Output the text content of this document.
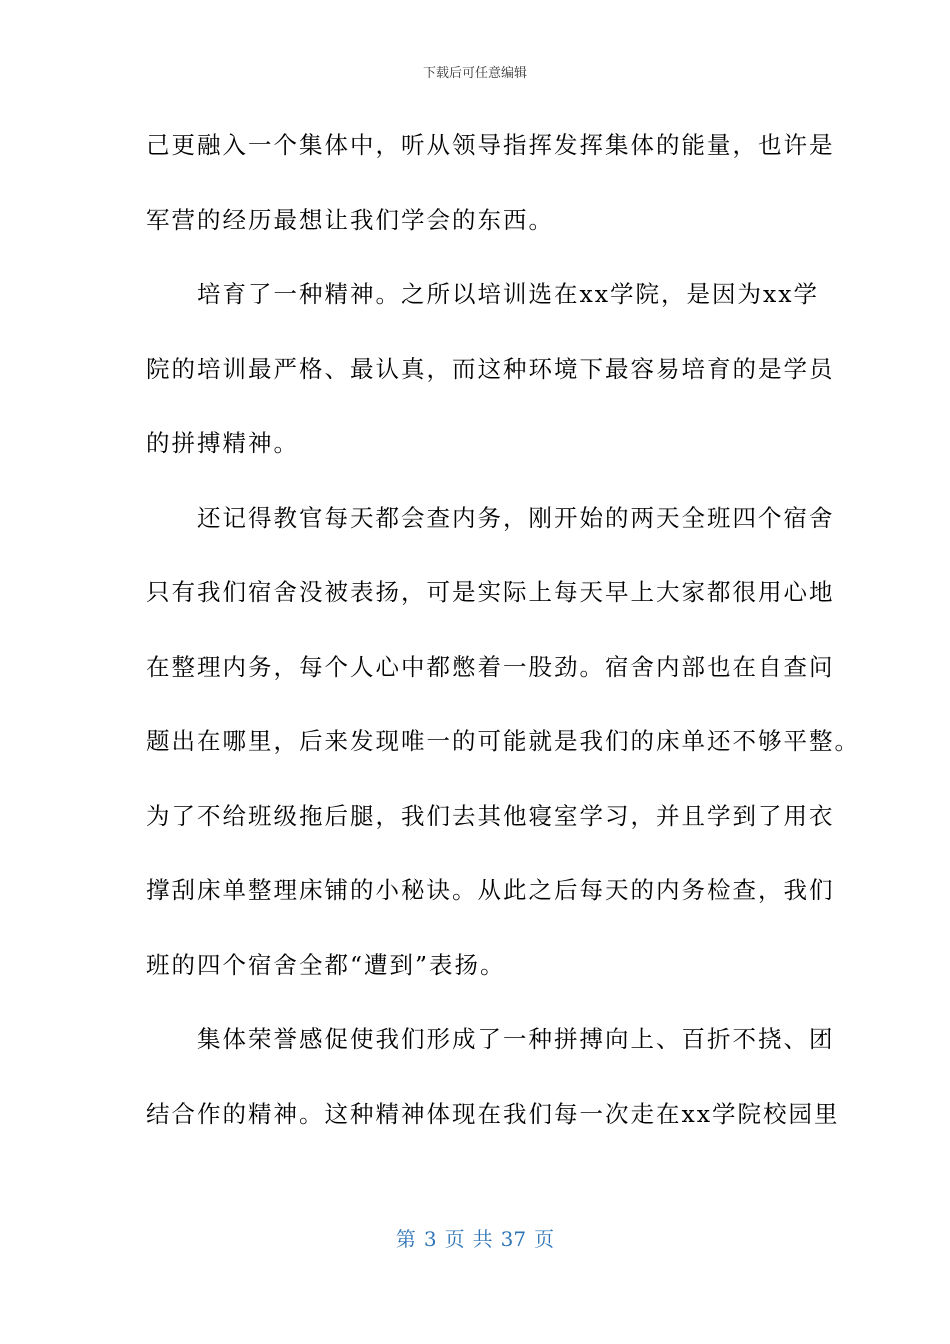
下载后可任意编辑
己更融入一个集体中，听从领导指挥发挥集体的能量，也许是
军营的经历最想让我们学会的东西。
　　培育了一种精神。之所以培训选在xx学院，是因为xx学
院的培训最严格、最认真，而这种环境下最容易培育的是学员
的拼搏精神。
　　还记得教官每天都会查内务，刚开始的两天全班四个宿舍
只有我们宿舍没被表扬，可是实际上每天早上大家都很用心地
在整理内务，每个人心中都憋着一股劲。宿舍内部也在自查问
题出在哪里，后来发现唯一的可能就是我们的床单还不够平整。
为了不给班级拖后腿，我们去其他寝室学习，并且学到了用衣
撑刮床单整理床铺的小秘诀。从此之后每天的内务检查，我们
班的四个宿舍全都“遭到”表扬。
　　集体荣誉感促使我们形成了一种拼搏向上、百折不挠、团
结合作的精神。这种精神体现在我们每一次走在xx学院校园里
第 3 页 共 37 页
